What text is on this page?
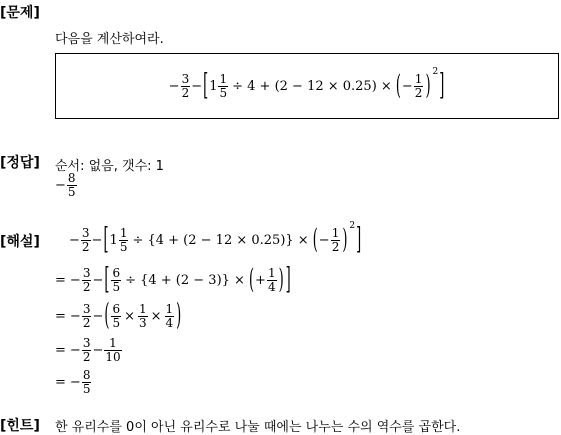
[문제]
다음을 계산하여라.
− $\frac{3}{2}$ − [ $1 \frac{1}{5} \div 4 + (2 - 12 \times 0.25)$ × ( − $\frac{1}{2} )^2$ ]
[정답] 순서: 없음, 갯수: 1
− $\frac{8}{5}$
[해설] − $\frac{3}{2}$ − [ $1 \frac{1}{5} \div \{4 + (2 - 12 \times 0.25)\}$ × ( − $\frac{1}{2} )^2$ ]
= − $\frac{3}{2}$ − [ $\frac{6}{5} \div \{4 + (2 - 3)\}$ × ( + $\frac{1}{4}$ ) ]
= − $\frac{3}{2}$ − ( $\frac{6}{5} \times \frac{1}{3} \times \frac{1}{4}$ )
= − $\frac{3}{2} - \frac{1}{10}$
= − $\frac{8}{5}$
[힌트] 한 유리수를 0이 아닌 유리수로 나눌 때에는 나누는 수의 역수를 곱한다.
